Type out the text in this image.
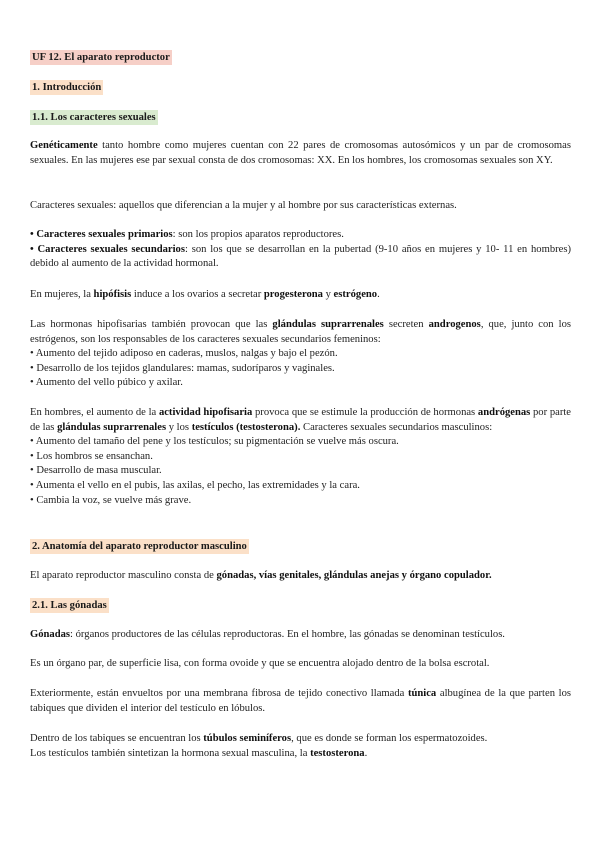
UF 12. El aparato reproductor
1. Introducción
1.1. Los caracteres sexuales
Genéticamente tanto hombre como mujeres cuentan con 22 pares de cromosomas autosómicos y un par de cromosomas sexuales. En las mujeres ese par sexual consta de dos cromosomas: XX. En los hombres, los cromosomas sexuales son XY.
Caracteres sexuales: aquellos que diferencian a la mujer y al hombre por sus características externas.
• Caracteres sexuales primarios: son los propios aparatos reproductores.
• Caracteres sexuales secundarios: son los que se desarrollan en la pubertad (9-10 años en mujeres y 10- 11 en hombres) debido al aumento de la actividad hormonal.
En mujeres, la hipófisis induce a los ovarios a secretar progesterona y estrógeno.
Las hormonas hipofisarias también provocan que las glándulas suprarrenales secreten androgenos, que, junto con los estrógenos, son los responsables de los caracteres sexuales secundarios femeninos:
• Aumento del tejido adiposo en caderas, muslos, nalgas y bajo el pezón.
• Desarrollo de los tejidos glandulares: mamas, sudoríparos y vaginales.
• Aumento del vello púbico y axilar.
En hombres, el aumento de la actividad hipofisaria provoca que se estimule la producción de hormonas andrógenas por parte de las glándulas suprarrenales y los testículos (testosterona). Caracteres sexuales secundarios masculinos:
• Aumento del tamaño del pene y los testículos; su pigmentación se vuelve más oscura.
• Los hombros se ensanchan.
• Desarrollo de masa muscular.
• Aumenta el vello en el pubis, las axilas, el pecho, las extremidades y la cara.
• Cambia la voz, se vuelve más grave.
2. Anatomía del aparato reproductor masculino
El aparato reproductor masculino consta de gónadas, vías genitales, glándulas anejas y órgano copulador.
2.1. Las gónadas
Gónadas: órganos productores de las células reproductoras. En el hombre, las gónadas se denominan testículos.
Es un órgano par, de superficie lisa, con forma ovoide y que se encuentra alojado dentro de la bolsa escrotal.
Exteriormente, están envueltos por una membrana fibrosa de tejido conectivo llamada túnica albugínea de la que parten los tabiques que dividen el interior del testículo en lóbulos.
Dentro de los tabiques se encuentran los túbulos seminíferos, que es donde se forman los espermatozoides.
Los testículos también sintetizan la hormona sexual masculina, la testosterona.
